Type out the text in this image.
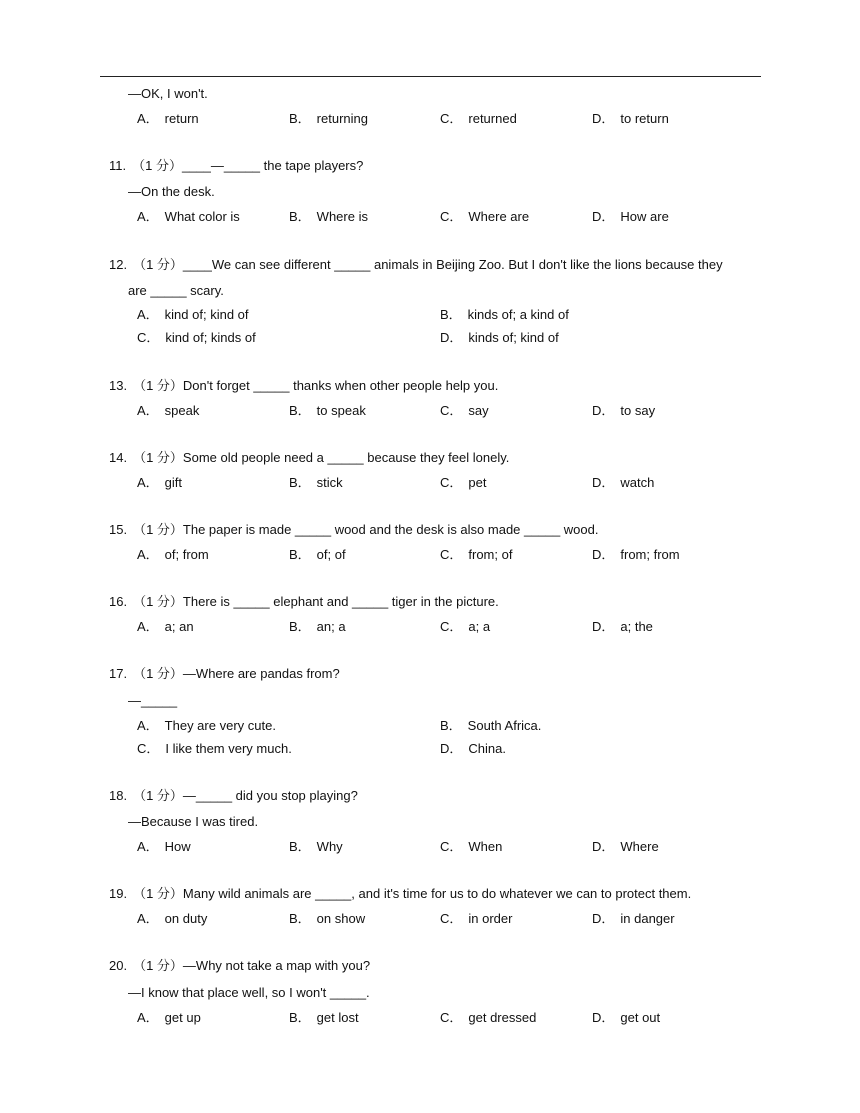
—OK, I won't.
A． return	B． returning	C． returned	D． to return
11. （1 分）____—_____ the tape players?
—On the desk.
A． What color is	B． Where is	C． Where are	D． How are
12. （1 分）____We can see different _____ animals in Beijing Zoo. But I don't like the lions because they
are _____ scary.
A． kind of; kind of	B． kinds of; a kind of
C． kind of; kinds of	D． kinds of; kind of
13. （1 分）Don't forget _____ thanks when other people help you.
A． speak	B． to speak	C． say	D． to say
14. （1 分）Some old people need a _____ because they feel lonely.
A． gift	B． stick	C． pet	D． watch
15. （1 分）The paper is made _____ wood and the desk is also made _____ wood.
A． of; from	B． of; of	C． from; of	D． from; from
16. （1 分）There is _____ elephant and _____ tiger in the picture.
A． a; an	B． an; a	C． a; a	D． a; the
17. （1 分）—Where are pandas from?
—_____
A． They are very cute.	B． South Africa.
C． I like them very much.	D． China.
18. （1 分）—_____ did you stop playing?
—Because I was tired.
A． How	B． Why	C． When	D． Where
19. （1 分）Many wild animals are _____, and it's time for us to do whatever we can to protect them.
A． on duty	B． on show	C． in order	D． in danger
20. （1 分）—Why not take a map with you?
—I know that place well, so I won't _____.
A． get up	B． get lost	C． get dressed	D． get out
